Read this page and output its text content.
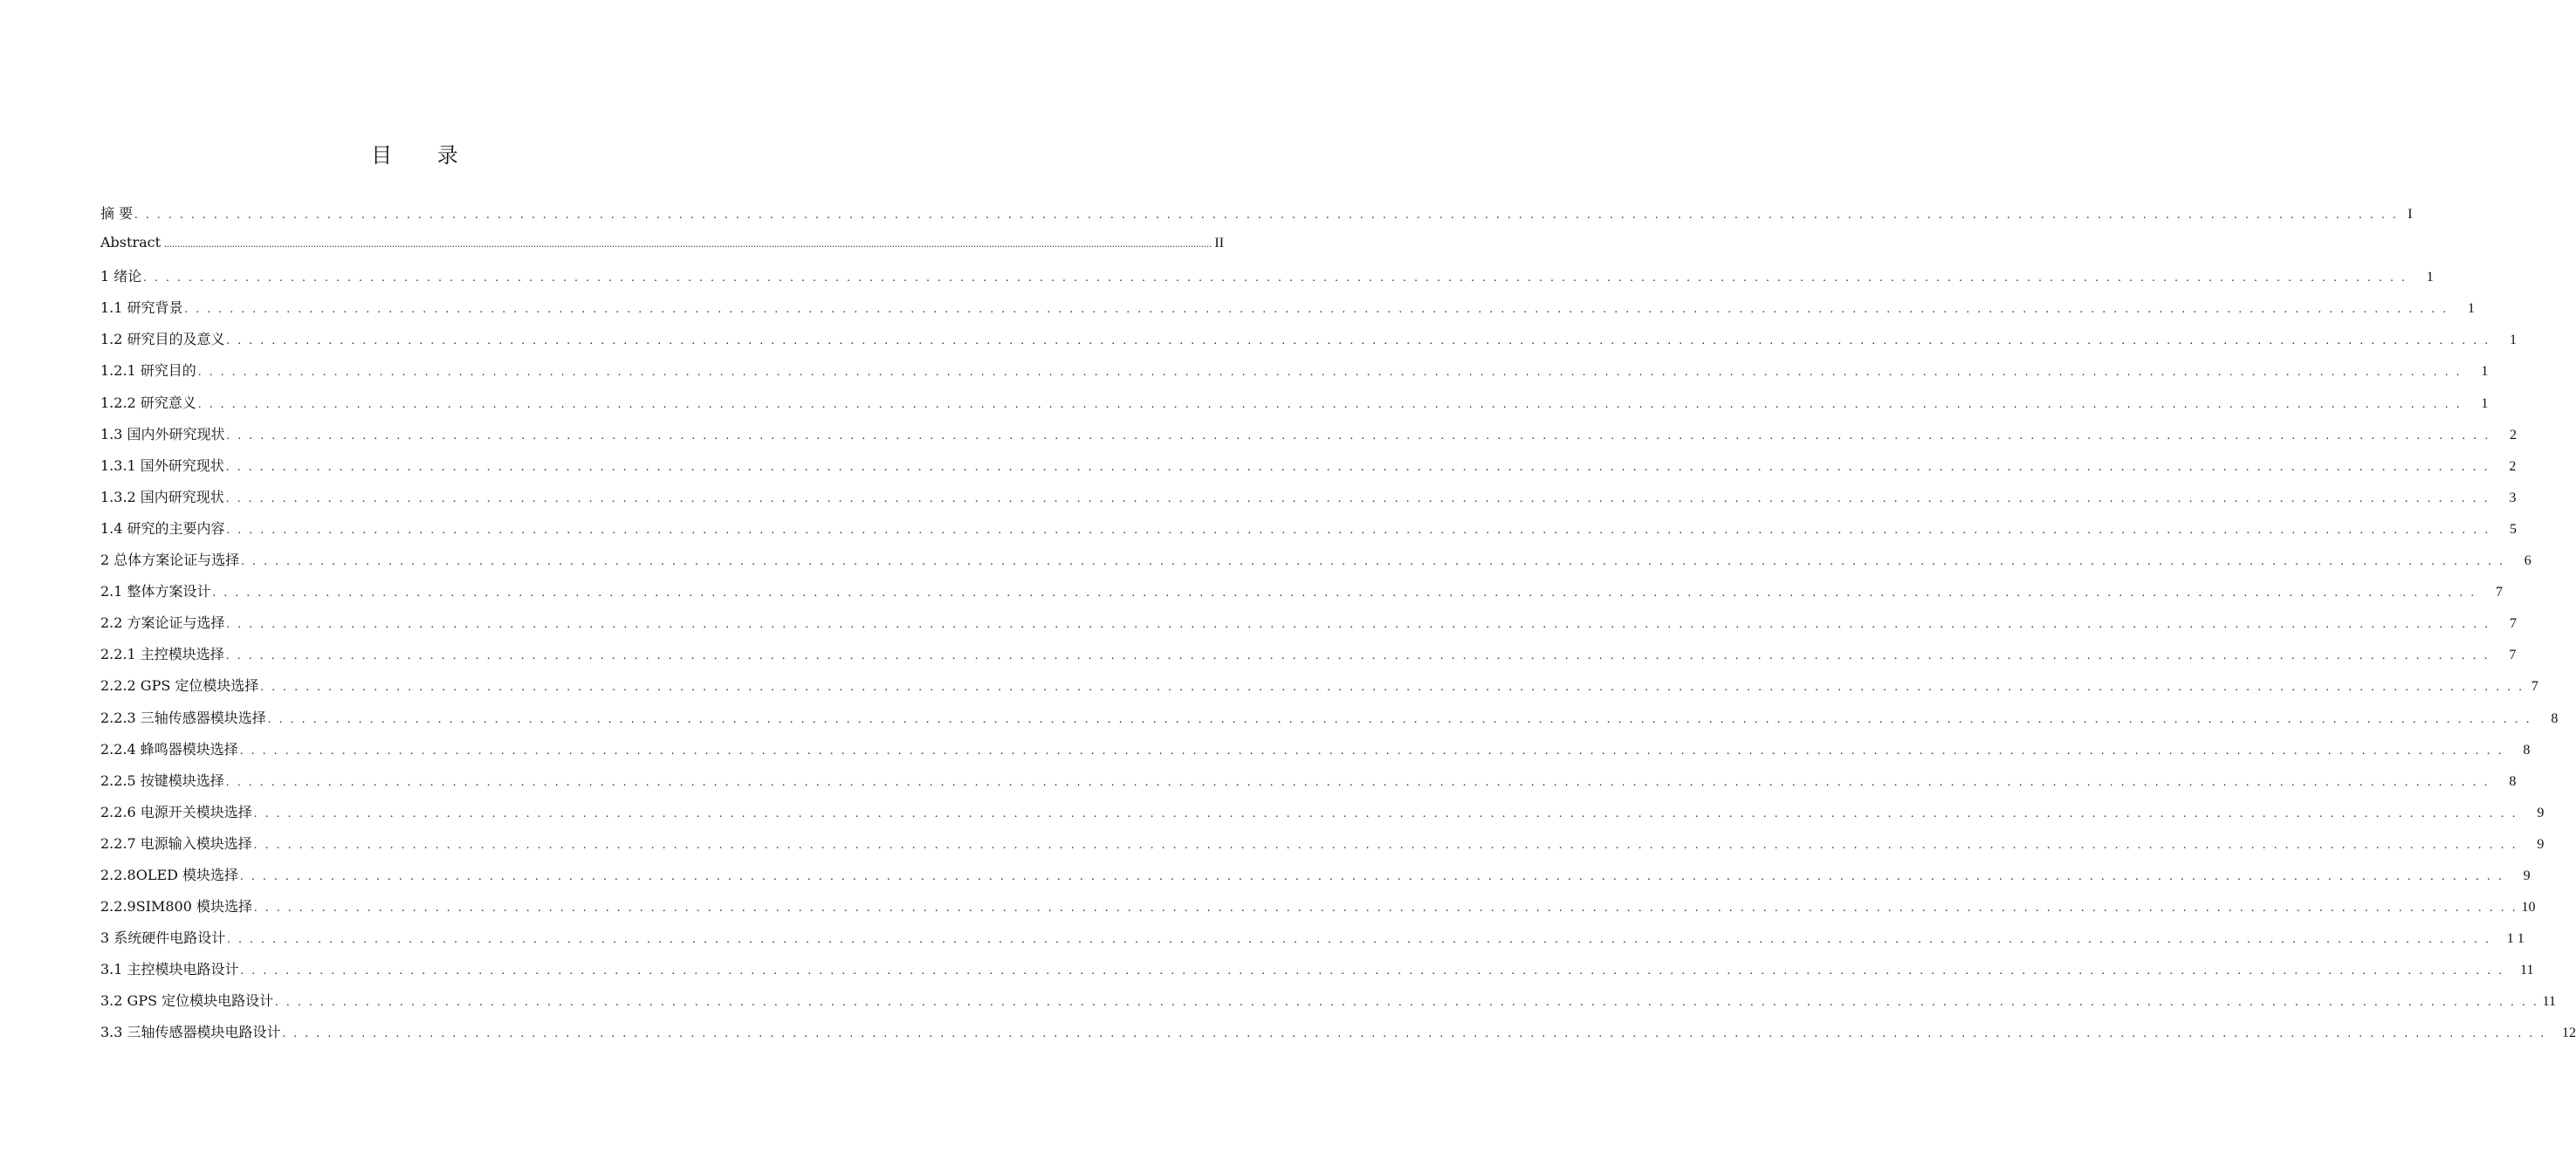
目 录
摘 要 . . . . . . . . . . . . . . . . . . . . . . . . . . . . . . . . . . . . . . . . . . . . . . . . . . . . . . . . . . . . . . . . . . . . . . . . . . . . . . . . . . . . . . . . . . . . . . . . . . . . . . . . . . . . . . . . . . . . . . . . . . . . . . . . . . . . . . . . . . . . . . . . . . . . . . . . . . . . . . . . . . . . . . . . . . . . . . . . . . . . . . . . . . . . . . . . . . . . . . . . I
Abstract ................................................................................................................................................................................................................................................................................................................................................................................................................ II
1 绪论 . . . . . . . . . . . . . . . . . . . . . . . . . . . . . . . . . . . . . . . . . . . . . . . . . . . . . . . . . . . . . . . . . . . . . . . . . . . . . . . . . . . . . . . . . . . . . . . . . . . . . . . . . . . . . . . . . . . . . . . . . . . . . . . . . . . . . . . . . . . . . . . . . . . . . . . . . . . . . . . . . . . . . . . . . . . . . . . . . . . . . . . . . . . . . . . . . . . . . . . .	1
1.1 研究背景 . . . . . . . . . . . . . . . . . . . . . . . . . . . . . . . . . . . . . . . . . . . . . . . . . . . . . . . . . . . . . . . . . . . . . . . . . . . . . . . . . . . . . . . . . . . . . . . . . . . . . . . . . . . . . . . . . . . . . . . . . . . . . . . . . . . . . . . . . . . . . . . . . . . . . . . . . . . . . . . . . . . . . . . . . . . . . . . . . . . . . . . . . . . . . . . . . . . . . . . .	1
1.2 研究目的及意义 . . . . . . . . . . . . . . . . . . . . . . . . . . . . . . . . . . . . . . . . . . . . . . . . . . . . . . . . . . . . . . . . . . . . . . . . . . . . . . . . . . . . . . . . . . . . . . . . . . . . . . . . . . . . . . . . . . . . . . . . . . . . . . . . . . . . . . . . . . . . . . . . . . . . . . . . . . . . . . . . . . . . . . . . . . . . . . . . . . . . . . . . . . . . . . . . . . . . . . . .	1
1.2.1 研究目的 . . . . . . . . . . . . . . . . . . . . . . . . . . . . . . . . . . . . . . . . . . . . . . . . . . . . . . . . . . . . . . . . . . . . . . . . . . . . . . . . . . . . . . . . . . . . . . . . . . . . . . . . . . . . . . . . . . . . . . . . . . . . . . . . . . . . . . . . . . . . . . . . . . . . . . . . . . . . . . . . . . . . . . . . . . . . . . . . . . . . . . . . . . . . . . . . . . . . . . . .	1
1.2.2 研究意义 . . . . . . . . . . . . . . . . . . . . . . . . . . . . . . . . . . . . . . . . . . . . . . . . . . . . . . . . . . . . . . . . . . . . . . . . . . . . . . . . . . . . . . . . . . . . . . . . . . . . . . . . . . . . . . . . . . . . . . . . . . . . . . . . . . . . . . . . . . . . . . . . . . . . . . . . . . . . . . . . . . . . . . . . . . . . . . . . . . . . . . . . . . . . . . . . . . . . . . . .	1
1.3 国内外研究现状 . . . . . . . . . . . . . . . . . . . . . . . . . . . . . . . . . . . . . . . . . . . . . . . . . . . . . . . . . . . . . . . . . . . . . . . . . . . . . . . . . . . . . . . . . . . . . . . . . . . . . . . . . . . . . . . . . . . . . . . . . . . . . . . . . . . . . . . . . . . . . . . . . . . . . . . . . . . . . . . . . . . . . . . . . . . . . . . . . . . . . . . . . . . . . . . . . . . . . . . .	2
1.3.1 国外研究现状 . . . . . . . . . . . . . . . . . . . . . . . . . . . . . . . . . . . . . . . . . . . . . . . . . . . . . . . . . . . . . . . . . . . . . . . . . . . . . . . . . . . . . . . . . . . . . . . . . . . . . . . . . . . . . . . . . . . . . . . . . . . . . . . . . . . . . . . . . . . . . . . . . . . . . . . . . . . . . . . . . . . . . . . . . . . . . . . . . . . . . . . . . . . . . . . . . . . . . . . .	2
1.3.2 国内研究现状 . . . . . . . . . . . . . . . . . . . . . . . . . . . . . . . . . . . . . . . . . . . . . . . . . . . . . . . . . . . . . . . . . . . . . . . . . . . . . . . . . . . . . . . . . . . . . . . . . . . . . . . . . . . . . . . . . . . . . . . . . . . . . . . . . . . . . . . . . . . . . . . . . . . . . . . . . . . . . . . . . . . . . . . . . . . . . . . . . . . . . . . . . . . . . . . . . . . . . . . .	3
1.4 研究的主要内容 . . . . . . . . . . . . . . . . . . . . . . . . . . . . . . . . . . . . . . . . . . . . . . . . . . . . . . . . . . . . . . . . . . . . . . . . . . . . . . . . . . . . . . . . . . . . . . . . . . . . . . . . . . . . . . . . . . . . . . . . . . . . . . . . . . . . . . . . . . . . . . . . . . . . . . . . . . . . . . . . . . . . . . . . . . . . . . . . . . . . . . . . . . . . . . . . . . . . . . . .	5
2 总体方案论证与选择 . . . . . . . . . . . . . . . . . . . . . . . . . . . . . . . . . . . . . . . . . . . . . . . . . . . . . . . . . . . . . . . . . . . . . . . . . . . . . . . . . . . . . . . . . . . . . . . . . . . . . . . . . . . . . . . . . . . . . . . . . . . . . . . . . . . . . . . . . . . . . . . . . . . . . . . . . . . . . . . . . . . . . . . . . . . . . . . . . . . . . . . . . . . . . . . . . . . . . . . .	6
2.1 整体方案设计 . . . . . . . . . . . . . . . . . . . . . . . . . . . . . . . . . . . . . . . . . . . . . . . . . . . . . . . . . . . . . . . . . . . . . . . . . . . . . . . . . . . . . . . . . . . . . . . . . . . . . . . . . . . . . . . . . . . . . . . . . . . . . . . . . . . . . . . . . . . . . . . . . . . . . . . . . . . . . . . . . . . . . . . . . . . . . . . . . . . . . . . . . . . . . . . . . . . . . . . .	7
2.2 方案论证与选择 . . . . . . . . . . . . . . . . . . . . . . . . . . . . . . . . . . . . . . . . . . . . . . . . . . . . . . . . . . . . . . . . . . . . . . . . . . . . . . . . . . . . . . . . . . . . . . . . . . . . . . . . . . . . . . . . . . . . . . . . . . . . . . . . . . . . . . . . . . . . . . . . . . . . . . . . . . . . . . . . . . . . . . . . . . . . . . . . . . . . . . . . . . . . . . . . . . . . . . . .	7
2.2.1 主控模块选择 . . . . . . . . . . . . . . . . . . . . . . . . . . . . . . . . . . . . . . . . . . . . . . . . . . . . . . . . . . . . . . . . . . . . . . . . . . . . . . . . . . . . . . . . . . . . . . . . . . . . . . . . . . . . . . . . . . . . . . . . . . . . . . . . . . . . . . . . . . . . . . . . . . . . . . . . . . . . . . . . . . . . . . . . . . . . . . . . . . . . . . . . . . . . . . . . . . . . . . . .	7
2.2.2 GPS 定位模块选择 . . . . . . . . . . . . . . . . . . . . . . . . . . . . . . . . . . . . . . . . . . . . . . . . . . . . . . . . . . . . . . . . . . . . . . . . . . . . . . . . . . . . . . . . . . . . . . . . . . . . . . . . . . . . . . . . . . . . . . . . . . . . . . . . . . . . . . . . . . . . . . . . . . . . . . . . . . . . . . . . . . . . . . . . . . . . . . . . . . . . . . . . . . . . . . . . . . . . . . . . 7
2.2.3 三轴传感器模块选择 . . . . . . . . . . . . . . . . . . . . . . . . . . . . . . . . . . . . . . . . . . . . . . . . . . . . . . . . . . . . . . . . . . . . . . . . . . . . . . . . . . . . . . . . . . . . . . . . . . . . . . . . . . . . . . . . . . . . . . . . . . . . . . . . . . . . . . . . . . . . . . . . . . . . . . . . . . . . . . . . . . . . . . . . . . . . . . . . . . . . . . . . . . . . . . . . . . . . . . . .	8
2.2.4 蜂鸣器模块选择 . . . . . . . . . . . . . . . . . . . . . . . . . . . . . . . . . . . . . . . . . . . . . . . . . . . . . . . . . . . . . . . . . . . . . . . . . . . . . . . . . . . . . . . . . . . . . . . . . . . . . . . . . . . . . . . . . . . . . . . . . . . . . . . . . . . . . . . . . . . . . . . . . . . . . . . . . . . . . . . . . . . . . . . . . . . . . . . . . . . . . . . . . . . . . . . . . . . . . . . .	8
2.2.5 按键模块选择 . . . . . . . . . . . . . . . . . . . . . . . . . . . . . . . . . . . . . . . . . . . . . . . . . . . . . . . . . . . . . . . . . . . . . . . . . . . . . . . . . . . . . . . . . . . . . . . . . . . . . . . . . . . . . . . . . . . . . . . . . . . . . . . . . . . . . . . . . . . . . . . . . . . . . . . . . . . . . . . . . . . . . . . . . . . . . . . . . . . . . . . . . . . . . . . . . . . . . . . .	8
2.2.6 电源开关模块选择 . . . . . . . . . . . . . . . . . . . . . . . . . . . . . . . . . . . . . . . . . . . . . . . . . . . . . . . . . . . . . . . . . . . . . . . . . . . . . . . . . . . . . . . . . . . . . . . . . . . . . . . . . . . . . . . . . . . . . . . . . . . . . . . . . . . . . . . . . . . . . . . . . . . . . . . . . . . . . . . . . . . . . . . . . . . . . . . . . . . . . . . . . . . . . . . . . . . . . . . .	9
2.2.7 电源输入模块选择 . . . . . . . . . . . . . . . . . . . . . . . . . . . . . . . . . . . . . . . . . . . . . . . . . . . . . . . . . . . . . . . . . . . . . . . . . . . . . . . . . . . . . . . . . . . . . . . . . . . . . . . . . . . . . . . . . . . . . . . . . . . . . . . . . . . . . . . . . . . . . . . . . . . . . . . . . . . . . . . . . . . . . . . . . . . . . . . . . . . . . . . . . . . . . . . . . . . . . . . .	9
2.2.8OLED 模块选择 . . . . . . . . . . . . . . . . . . . . . . . . . . . . . . . . . . . . . . . . . . . . . . . . . . . . . . . . . . . . . . . . . . . . . . . . . . . . . . . . . . . . . . . . . . . . . . . . . . . . . . . . . . . . . . . . . . . . . . . . . . . . . . . . . . . . . . . . . . . . . . . . . . . . . . . . . . . . . . . . . . . . . . . . . . . . . . . . . . . . . . . . . . . . . . . . . . . . . . . .	9
2.2.9SIM800 模块选择 . . . . . . . . . . . . . . . . . . . . . . . . . . . . . . . . . . . . . . . . . . . . . . . . . . . . . . . . . . . . . . . . . . . . . . . . . . . . . . . . . . . . . . . . . . . . . . . . . . . . . . . . . . . . . . . . . . . . . . . . . . . . . . . . . . . . . . . . . . . . . . . . . . . . . . . . . . . . . . . . . . . . . . . . . . . . . . . . . . . . . . . . . . . . . . . . . . . . . . . . 10
3 系统硬件电路设计 . . . . . . . . . . . . . . . . . . . . . . . . . . . . . . . . . . . . . . . . . . . . . . . . . . . . . . . . . . . . . . . . . . . . . . . . . . . . . . . . . . . . . . . . . . . . . . . . . . . . . . . . . . . . . . . . . . . . . . . . . . . . . . . . . . . . . . . . . . . . . . . . . . . . . . . . . . . . . . . . . . . . . . . . . . . . . . . . . . . . . . . . . . . . . . . . . . . . . . . .	1 1
3.1 主控模块电路设计 . . . . . . . . . . . . . . . . . . . . . . . . . . . . . . . . . . . . . . . . . . . . . . . . . . . . . . . . . . . . . . . . . . . . . . . . . . . . . . . . . . . . . . . . . . . . . . . . . . . . . . . . . . . . . . . . . . . . . . . . . . . . . . . . . . . . . . . . . . . . . . . . . . . . . . . . . . . . . . . . . . . . . . . . . . . . . . . . . . . . . . . . . . . . . . . . . . . . . . . .	11
3.2 GPS 定位模块电路设计 . . . . . . . . . . . . . . . . . . . . . . . . . . . . . . . . . . . . . . . . . . . . . . . . . . . . . . . . . . . . . . . . . . . . . . . . . . . . . . . . . . . . . . . . . . . . . . . . . . . . . . . . . . . . . . . . . . . . . . . . . . . . . . . . . . . . . . . . . . . . . . . . . . . . . . . . . . . . . . . . . . . . . . . . . . . . . . . . . . . . . . . . . . . . . . . . . . . . . . . . 11
3.3 三轴传感器模块电路设计 . . . . . . . . . . . . . . . . . . . . . . . . . . . . . . . . . . . . . . . . . . . . . . . . . . . . . . . . . . . . . . . . . . . . . . . . . . . . . . . . . . . . . . . . . . . . . . . . . . . . . . . . . . . . . . . . . . . . . . . . . . . . . . . . . . . . . . . . . . . . . . . . . . . . . . . . . . . . . . . . . . . . . . . . . . . . . . . . . . . . . . . . . . . . . . . . . . . . . . . .	12
